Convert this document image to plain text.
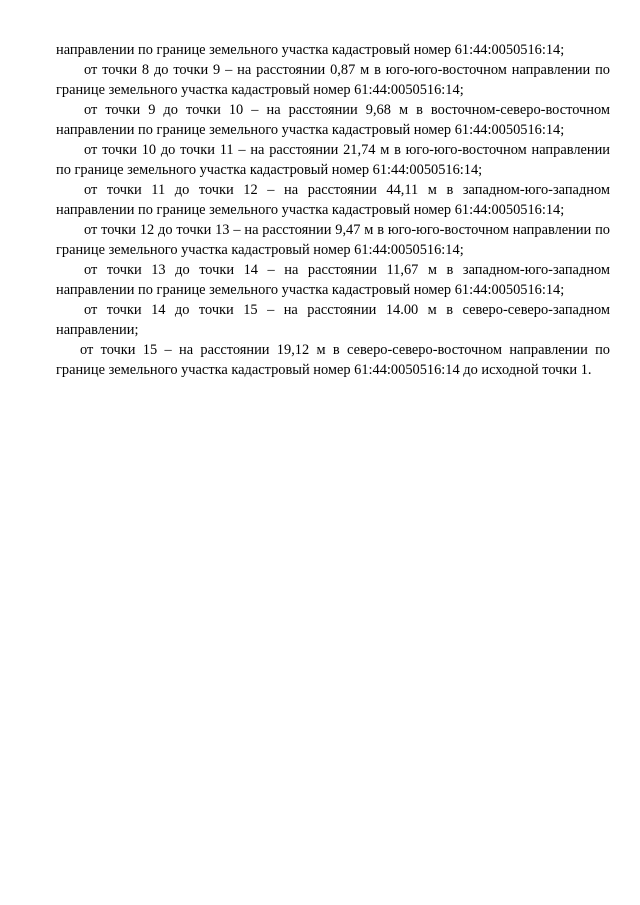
направлении по границе земельного участка кадастровый номер 61:44:0050516:14;

от точки 8 до точки 9 – на расстоянии 0,87 м в юго-юго-восточном направлении по границе земельного участка кадастровый номер 61:44:0050516:14;

от точки 9 до точки 10 – на расстоянии 9,68 м в восточном-северо-восточном направлении по границе земельного участка кадастровый номер 61:44:0050516:14;

от точки 10 до точки 11 – на расстоянии 21,74 м в юго-юго-восточном направлении по границе земельного участка кадастровый номер 61:44:0050516:14;

от точки 11 до точки 12 – на расстоянии 44,11 м в западном-юго-западном направлении по границе земельного участка кадастровый номер 61:44:0050516:14;

от точки 12 до точки 13 – на расстоянии 9,47 м в юго-юго-восточном направлении по границе земельного участка кадастровый номер 61:44:0050516:14;

от точки 13 до точки 14 – на расстоянии 11,67 м в западном-юго-западном направлении по границе земельного участка кадастровый номер 61:44:0050516:14;

от точки 14 до точки 15 – на расстоянии 14.00 м в северо-северо-западном направлении;

от точки 15 – на расстоянии 19,12 м в северо-северо-восточном направлении по границе земельного участка кадастровый номер 61:44:0050516:14 до исходной точки 1.
